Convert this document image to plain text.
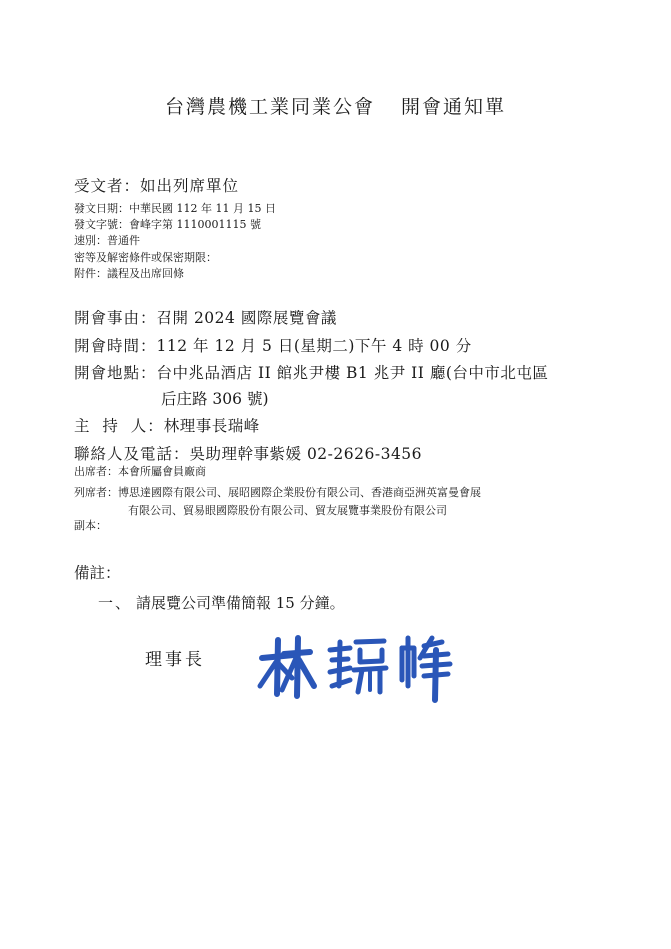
台灣農機工業同業公會 開會通知單
受文者：如出列席單位
發文日期：中華民國 112 年 11 月 15 日
發文字號：會峰字第 1110001115 號
速別：普通件
密等及解密條件或保密期限：
附件：議程及出席回條
開會事由：召開 2024 國際展覽會議
開會時間：112 年 12 月 5 日(星期二)下午 4 時 00 分
開會地點：台中兆品酒店 II 館兆尹樓 B1 兆尹 II 廳(台中市北屯區
后庄路 306 號)
主  持  人：林理事長瑞峰
聯絡人及電話：吳助理幹事紫媛 02-2626-3456
出席者：本會所屬會員廠商
列席者：博思達國際有限公司、展昭國際企業股份有限公司、香港商亞洲英富曼會展
有限公司、貿易眼國際股份有限公司、貿友展覽事業股份有限公司
副本：
備註：
一、 請展覽公司準備簡報 15 分鐘。
理事長
